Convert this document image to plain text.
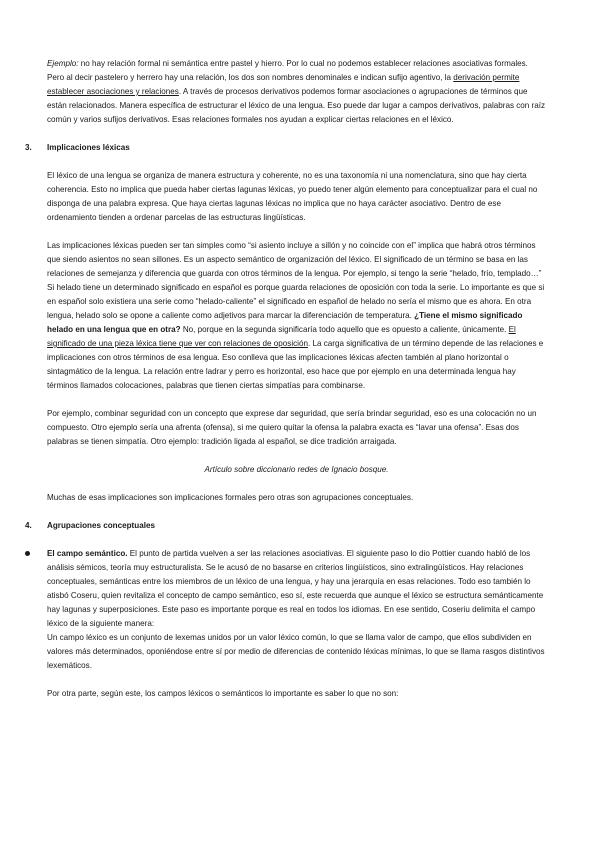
Ejemplo: no hay relación formal ni semántica entre pastel y hierro. Por lo cual no podemos establecer relaciones asociativas formales. Pero al decir pastelero y herrero hay una relación, los dos son nombres denominales e indican sufijo agentivo, la derivación permite establecer asociaciones y relaciones. A través de procesos derivativos podemos formar asociaciones o agrupaciones de términos que están relacionados. Manera específica de estructurar el léxico de una lengua. Eso puede dar lugar a campos derivativos, palabras con raíz común y varios sufijos derivativos. Esas relaciones formales nos ayudan a explicar ciertas relaciones en el léxico.

3.	Implicaciones léxicas

El léxico de una lengua se organiza de manera estructura y coherente, no es una taxonomía ni una nomenclatura, sino que hay cierta coherencia. Esto no implica que pueda haber ciertas lagunas léxicas, yo puedo tener algún elemento para conceptualizar para el cual no disponga de una palabra expresa. Que haya ciertas lagunas léxicas no implica que no haya carácter asociativo. Dentro de ese ordenamiento tienden a ordenar parcelas de las estructuras lingüísticas.

Las implicaciones léxicas pueden ser tan simples como “si asiento incluye a sillón y no coincide con el” implica que habrá otros términos que siendo asientos no sean sillones. Es un aspecto semántico de organización del léxico. El significado de un término se basa en las relaciones de semejanza y diferencia que guarda con otros términos de la lengua. Por ejemplo, si tengo la serie “helado, frío, templado…” Si helado tiene un determinado significado en español es porque guarda relaciones de oposición con toda la serie. Lo importante es que si en español solo existiera una serie como “helado-caliente” el significado en español de helado no sería el mismo que es ahora. En otra lengua, helado solo se opone a caliente como adjetivos para marcar la diferenciación de temperatura. ¿Tiene el mismo significado helado en una lengua que en otra? No, porque en la segunda significaría todo aquello que es opuesto a caliente, únicamente. El significado de una pieza léxica tiene que ver con relaciones de oposición. La carga significativa de un término depende de las relaciones e implicaciones con otros términos de esa lengua. Eso conlleva que las implicaciones léxicas afecten también al plano horizontal o sintagmático de la lengua. La relación entre ladrar y perro es horizontal, eso hace que por ejemplo en una determinada lengua hay términos llamados colocaciones, palabras que tienen ciertas simpatías para combinarse.

Por ejemplo, combinar seguridad con un concepto que exprese dar seguridad, que sería brindar seguridad, eso es una colocación no un compuesto. Otro ejemplo sería una afrenta (ofensa), si me quiero quitar la ofensa la palabra exacta es “lavar una ofensa”. Esas dos palabras se tienen simpatía. Otro ejemplo: tradición ligada al español, se dice tradición arraigada.

Artículo sobre diccionario redes de Ignacio bosque.

Muchas de esas implicaciones son implicaciones formales pero otras son agrupaciones conceptuales.

4.	Agrupaciones conceptuales
El campo semántico. El punto de partida vuelven a ser las relaciones asociativas. El siguiente paso lo dio Pottier cuando habló de los análisis sémicos, teoría muy estructuralista. Se le acusó de no basarse en criterios lingüísticos, sino extralingüísticos. Hay relaciones conceptuales, semánticas entre los miembros de un léxico de una lengua, y hay una jerarquía en esas relaciones. Todo eso también lo atisbó Coseru, quien revitaliza el concepto de campo semántico, eso sí, este recuerda que aunque el léxico se estructura semánticamente hay lagunas y superposiciones. Este paso es importante porque es real en todos los idiomas. En ese sentido, Coseriu delimita el campo léxico de la siguiente manera:
Un campo léxico es un conjunto de lexemas unidos por un valor léxico común, lo que se llama valor de campo, que ellos subdividen en valores más determinados, oponiéndose entre sí por medio de diferencias de contenido léxicas mínimas, lo que se llama rasgos distintivos lexemáticos.

Por otra parte, según este, los campos léxicos o semánticos lo importante es saber lo que no son:
